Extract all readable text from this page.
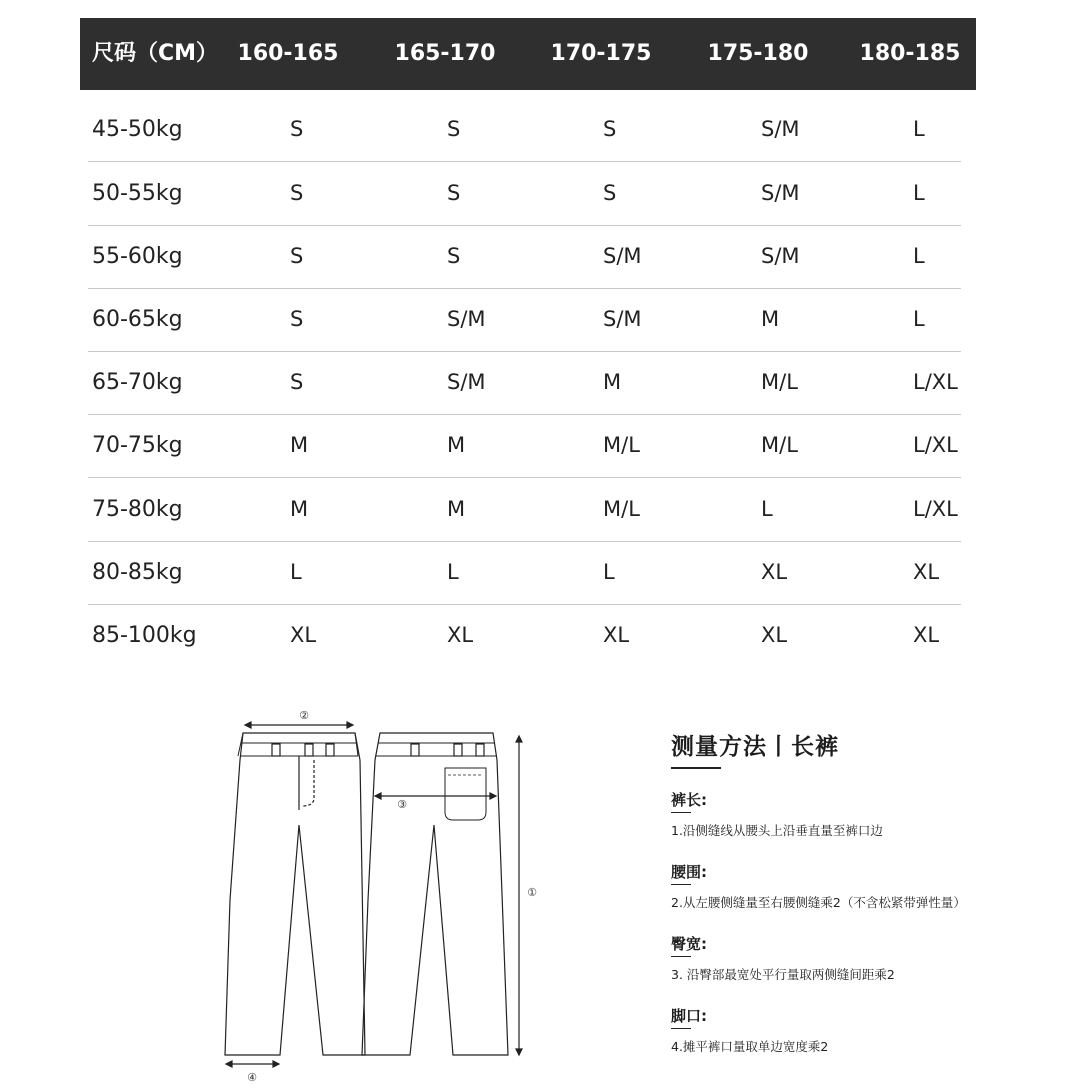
尺码（CM） 160-165	165-170	170-175	175-180 180-185
45-50kg	S	S	S	S/M	L
50-55kg	S	S	S	S/M	L
55-60kg	S	S	S/M	S/M	L
60-65kg	S	S/M	S/M	M	L
65-70kg	S	S/M	M	M/L	L/XL
70-75kg	M	M	M/L	M/L	L/XL
75-80kg	M	M	M/L	L	L/XL
80-85kg	L	L	L	XL	XL
85-100kg	XL	XL	XL	XL	XL
②
③
①
④
测量方法丨长裤
裤长:
1.沿侧缝线从腰头上沿垂直量至裤口边
腰围:
2.从左腰侧缝量至右腰侧缝乘2（不含松紧带弹性量）
臀宽:
3. 沿臀部最宽处平行量取两侧缝间距乘2
脚口:
4.摊平裤口量取单边宽度乘2
